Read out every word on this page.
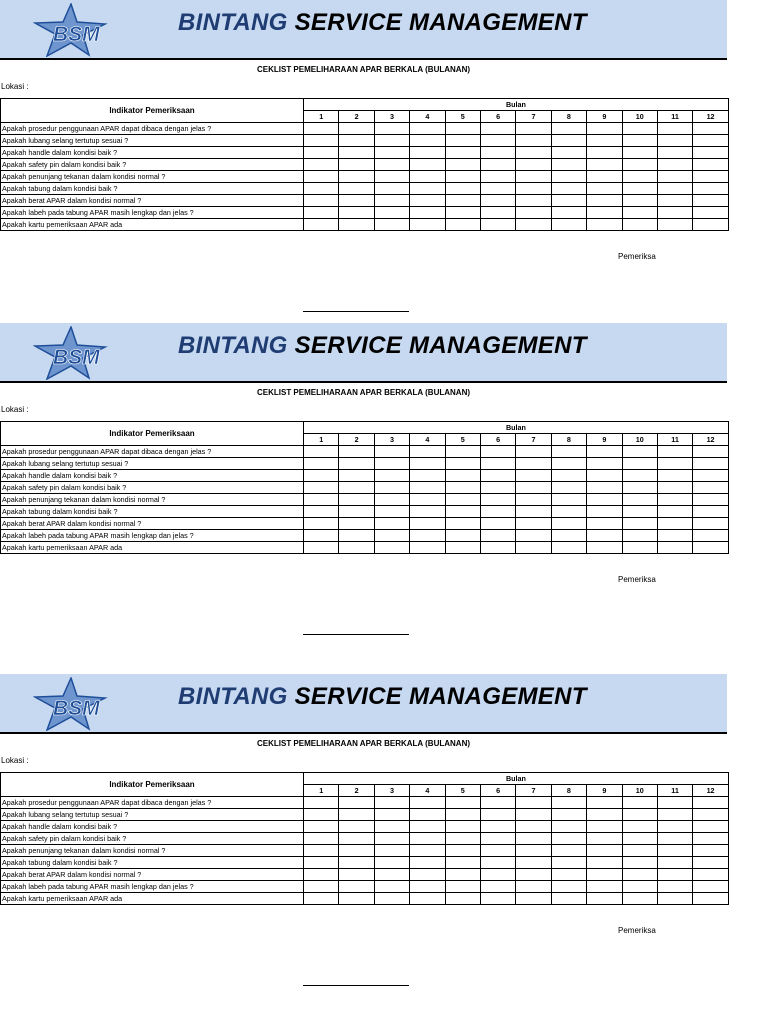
BSM	BINTANG SERVICE MANAGEMENT
CEKLIST PEMELIHARAAN APAR BERKALA (BULANAN)
Lokasi :
Indikator Pemeriksaan	Bulan											
	1	2	3	4	5	6	7	8	9	10	11	12
Apakah prosedur penggunaan APAR dapat dibaca dengan jelas ?												
Apakah lubang selang tertutup sesuai ?												
Apakah handle dalam kondisi baik ?												
Apakah safety pin dalam kondisi baik ?												
Apakah penunjang tekanan dalam kondisi normal ?												
Apakah tabung dalam kondisi baik ?												
Apakah berat APAR dalam kondisi normal ?												
Apakah labeh pada tabung APAR masih lengkap dan jelas ?												
Apakah kartu pemeriksaan APAR ada												
Pemeriksa
BSM	BINTANG SERVICE MANAGEMENT
CEKLIST PEMELIHARAAN APAR BERKALA (BULANAN)
Lokasi :
Indikator Pemeriksaan	Bulan											
	1	2	3	4	5	6	7	8	9	10	11	12
Apakah prosedur penggunaan APAR dapat dibaca dengan jelas ?												
Apakah lubang selang tertutup sesuai ?												
Apakah handle dalam kondisi baik ?												
Apakah safety pin dalam kondisi baik ?												
Apakah penunjang tekanan dalam kondisi normal ?												
Apakah tabung dalam kondisi baik ?												
Apakah berat APAR dalam kondisi normal ?												
Apakah labeh pada tabung APAR masih lengkap dan jelas ?												
Apakah kartu pemeriksaan APAR ada												
Pemeriksa
BSM	BINTANG SERVICE MANAGEMENT
CEKLIST PEMELIHARAAN APAR BERKALA (BULANAN)
Lokasi :
Indikator Pemeriksaan	Bulan											
	1	2	3	4	5	6	7	8	9	10	11	12
Apakah prosedur penggunaan APAR dapat dibaca dengan jelas ?												
Apakah lubang selang tertutup sesuai ?												
Apakah handle dalam kondisi baik ?												
Apakah safety pin dalam kondisi baik ?												
Apakah penunjang tekanan dalam kondisi normal ?												
Apakah tabung dalam kondisi baik ?												
Apakah berat APAR dalam kondisi normal ?												
Apakah labeh pada tabung APAR masih lengkap dan jelas ?												
Apakah kartu pemeriksaan APAR ada												
Pemeriksa
